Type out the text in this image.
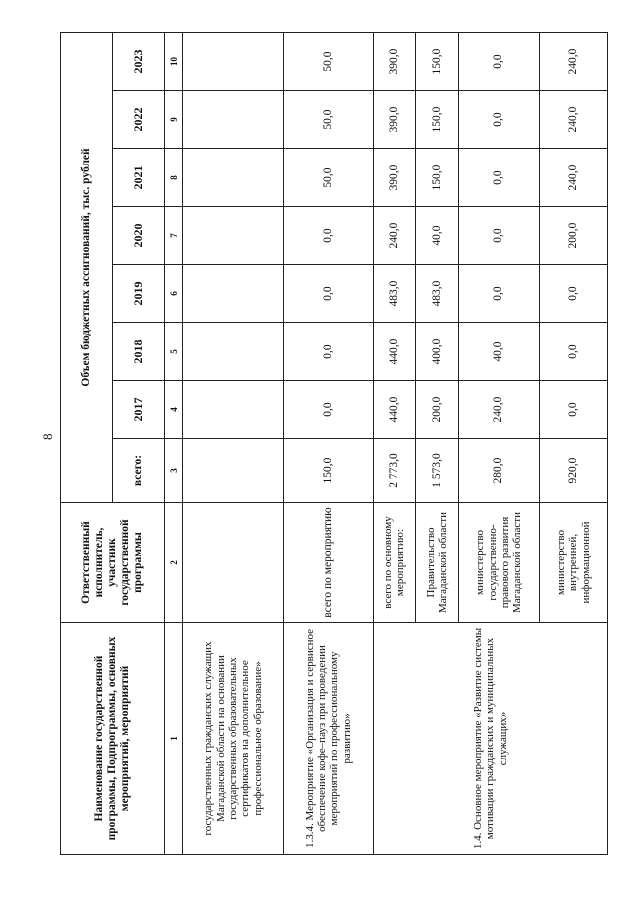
8
Наименование государственной программы, Подпрограммы, основных мероприятий, мероприятий	Ответственный исполнитель, участник государственной программы	Объем бюджетных ассигнований, тыс. рублей							
		всего:	2017	2018	2019	2020	2021	2022	2023
1	2	3	4	5	6	7	8	9	10
государственных гражданских служащих Магаданской области на основании государственных образовательных сертификатов на дополнительное профессиональное образование»									
1.3.4. Мероприятие «Организация и сервисное обеспечение кофе–пауз при проведении мероприятий по профессиональному развитию»	всего по мероприятию	150,0	0,0	0,0	0,0	0,0	50,0	50,0	50,0
1.4. Основное мероприятие «Развитие системы мотивации гражданских и муниципальных служащих»	всего по основному мероприятию:	2 773,0	440,0	440,0	483,0	240,0	390,0	390,0	390,0
	Правительство Магаданской области	1 573,0	200,0	400,0	483,0	40,0	150,0	150,0	150,0
	министерство государственно-правового развития Магаданской области	280,0	240,0	40,0	0,0	0,0	0,0	0,0	0,0
	министерство внутренней, информационной	920,0	0,0	0,0	0,0	200,0	240,0	240,0	240,0
